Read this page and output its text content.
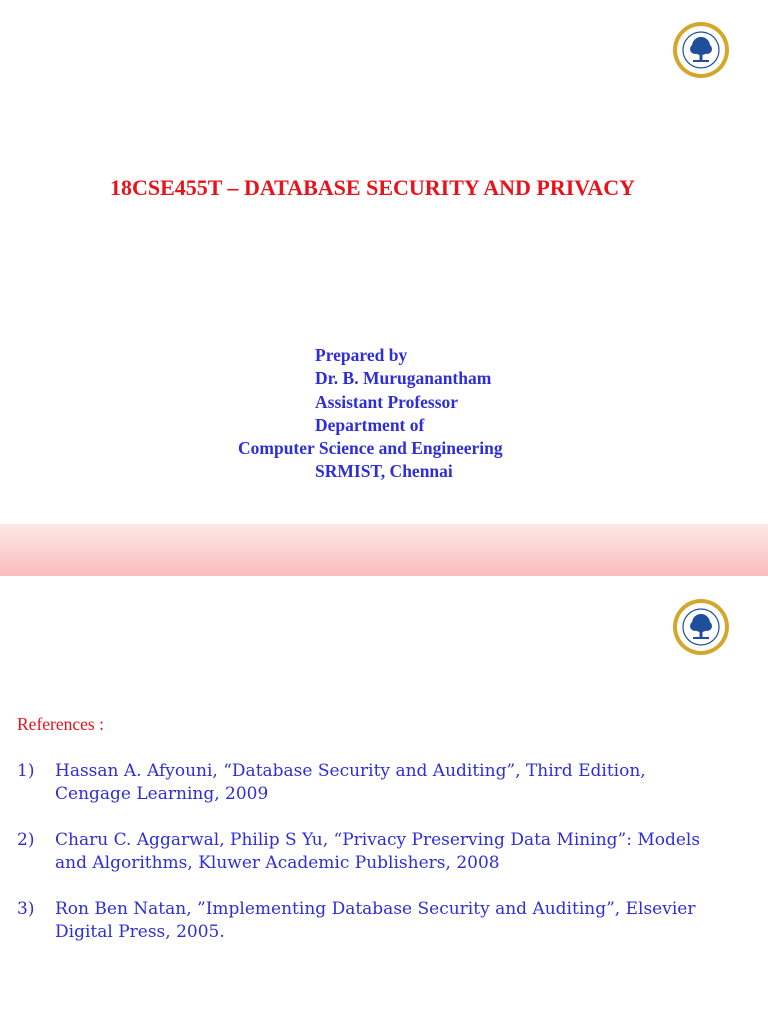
18CSE455T – DATABASE SECURITY AND PRIVACY
Prepared by
Dr. B. Muruganantham
Assistant Professor
Department of
Computer Science and Engineering
SRMIST, Chennai
References :
1)	Hassan A. Afyouni, “Database Security and Auditing”, Third Edition, Cengage Learning, 2009
2)	Charu C. Aggarwal, Philip S Yu, “Privacy Preserving Data Mining”: Models and Algorithms, Kluwer Academic Publishers, 2008
3)	Ron Ben Natan, ”Implementing Database Security and Auditing”, Elsevier Digital Press, 2005.
